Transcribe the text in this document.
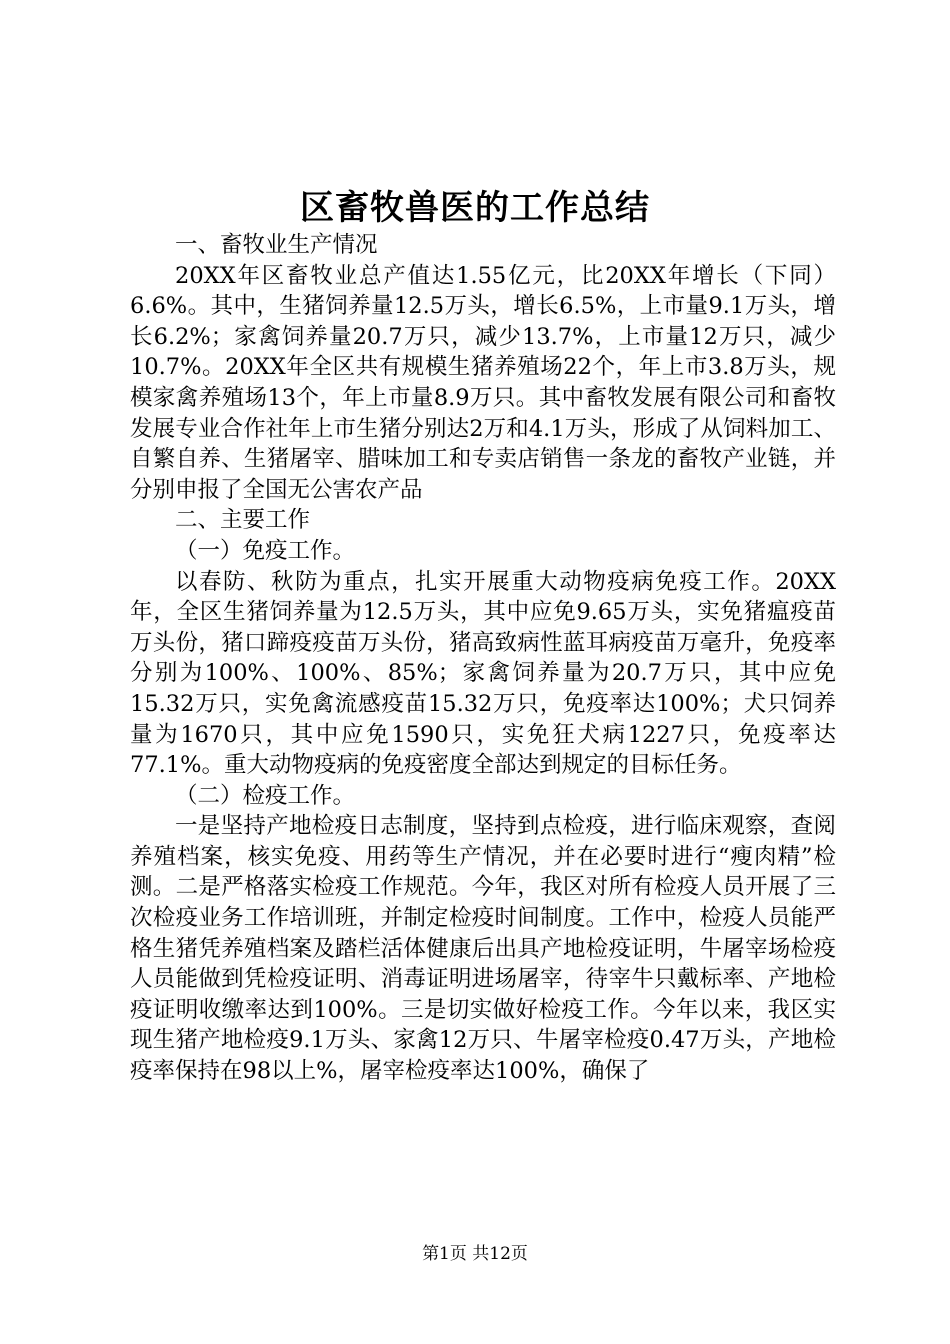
区畜牧兽医的工作总结

一、畜牧业生产情况

20XX年区畜牧业总产值达1.55亿元，比20XX年增长（下同）6.6%。其中，生猪饲养量12.5万头，增长6.5%，上市量9.1万头，增长6.2%；家禽饲养量20.7万只，减少13.7%，上市量12万只，减少10.7%。20XX年全区共有规模生猪养殖场22个，年上市3.8万头，规模家禽养殖场13个，年上市量8.9万只。其中畜牧发展有限公司和畜牧发展专业合作社年上市生猪分别达2万和4.1万头，形成了从饲料加工、自繁自养、生猪屠宰、腊味加工和专卖店销售一条龙的畜牧产业链，并分别申报了全国无公害农产品

二、主要工作

（一）免疫工作。

以春防、秋防为重点，扎实开展重大动物疫病免疫工作。20XX年，全区生猪饲养量为12.5万头，其中应免9.65万头，实免猪瘟疫苗万头份，猪口蹄疫疫苗万头份，猪高致病性蓝耳病疫苗万毫升，免疫率分别为100%、100%、85%；家禽饲养量为20.7万只，其中应免15.32万只，实免禽流感疫苗15.32万只，免疫率达100%；犬只饲养量为1670只，其中应免1590只，实免狂犬病1227只，免疫率达77.1%。重大动物疫病的免疫密度全部达到规定的目标任务。

（二）检疫工作。

一是坚持产地检疫日志制度，坚持到点检疫，进行临床观察，查阅养殖档案，核实免疫、用药等生产情况，并在必要时进行“瘦肉精”检测。二是严格落实检疫工作规范。今年，我区对所有检疫人员开展了三次检疫业务工作培训班，并制定检疫时间制度。工作中，检疫人员能严格生猪凭养殖档案及踏栏活体健康后出具产地检疫证明，牛屠宰场检疫人员能做到凭检疫证明、消毒证明进场屠宰，待宰牛只戴标率、产地检疫证明收缴率达到100%。三是切实做好检疫工作。今年以来，我区实现生猪产地检疫9.1万头、家禽12万只、牛屠宰检疫0.47万头，产地检疫率保持在98以上%，屠宰检疫率达100%，确保了

第1页 共12页
